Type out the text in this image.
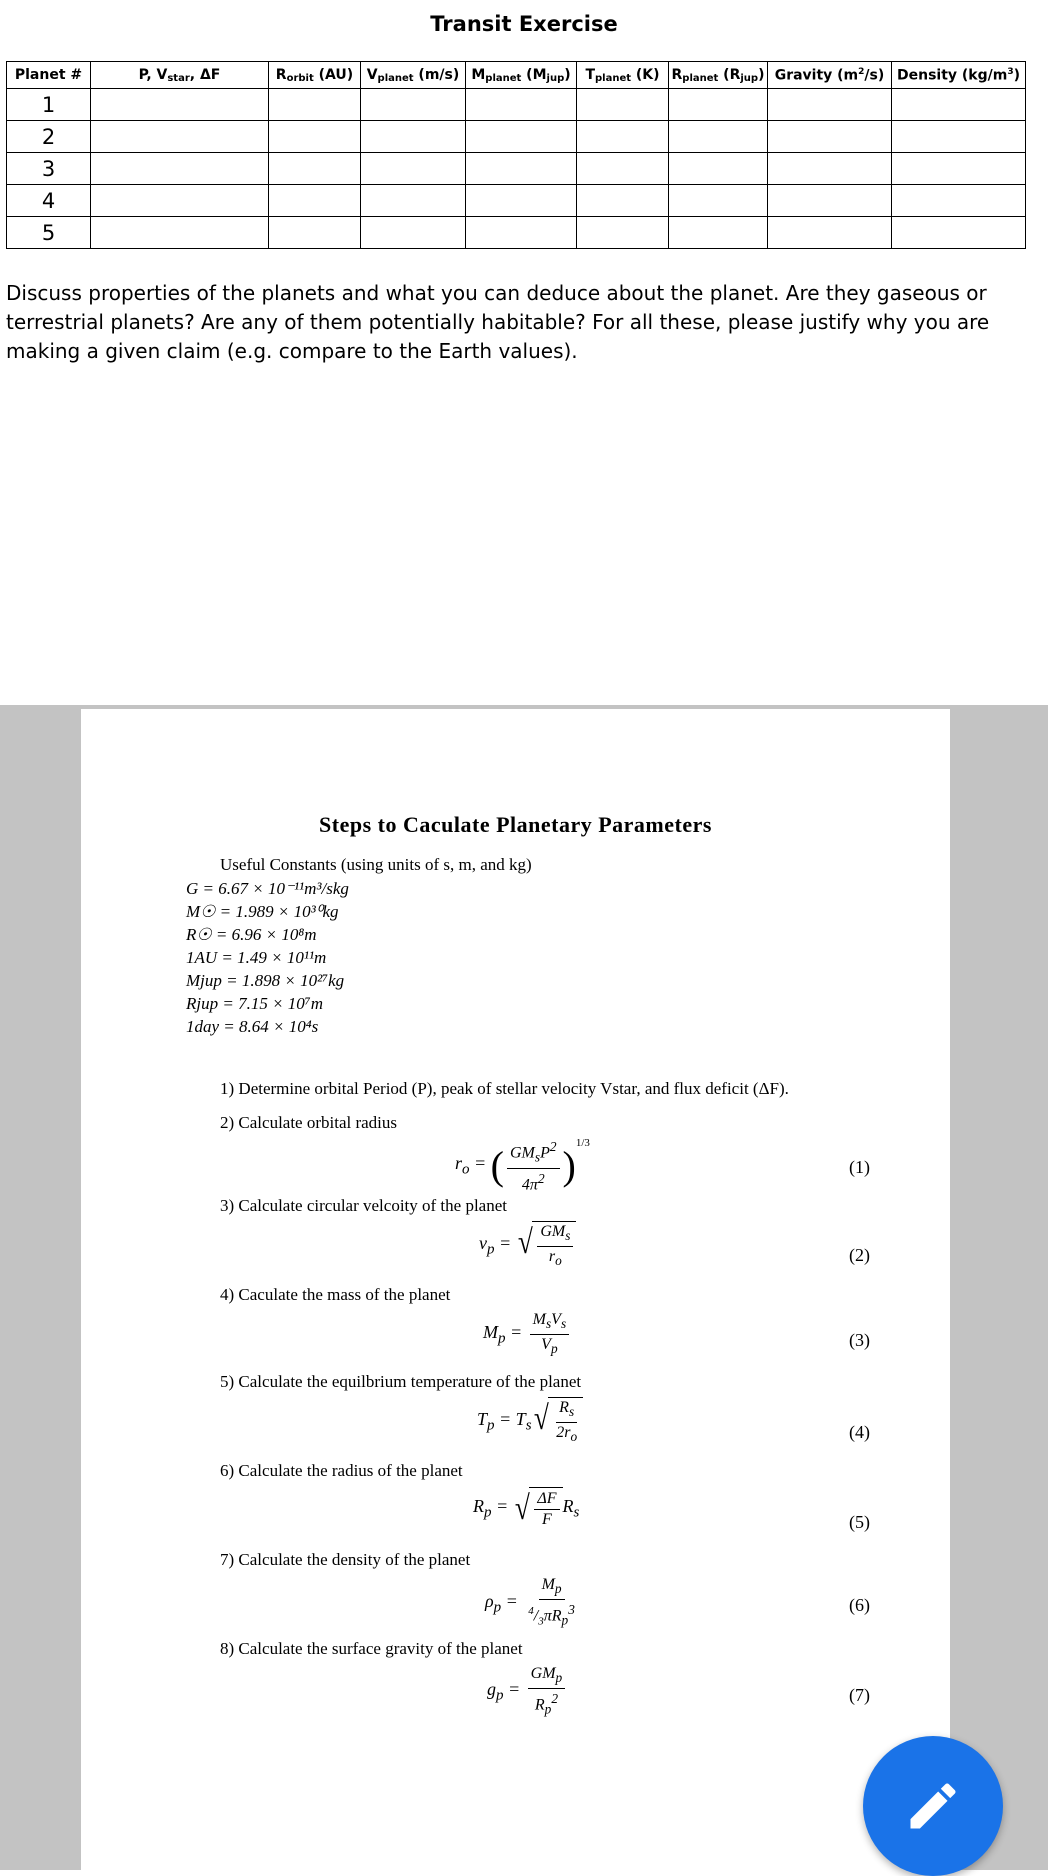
Transit Exercise
Planet #	P, $V_{star}$, ΔF	$R_{orbit}$ (AU)	$V_{planet}$ (m/s)	$M_{planet}$ $(M_{jup})$	$T_{planet}$ (K)	$R_{planet}$ $(R_{jup})$	Gravity $(m^2/s)$	Density $(kg/m^3)$
1								
2								
3								
4								
5								
Discuss properties of the planets and what you can deduce about the planet. Are they gaseous or terrestrial planets? Are any of them potentially habitable? For all these, please justify why you are making a given claim (e.g. compare to the Earth values).
Steps to Caculate Planetary Parameters
Useful Constants (using units of s, m, and kg)
G = 6.67 × 10⁻¹¹m³/skg
M☉ = 1.989 × 10³⁰kg
R☉ = 6.96 × 10⁸m
1AU = 1.49 × 10¹¹m
Mjup = 1.898 × 10²⁷kg
Rjup = 7.15 × 10⁷m
1day = 8.64 × 10⁴s
1) Determine orbital Period (P), peak of stellar velocity Vstar, and flux deficit (ΔF).
2) Calculate orbital radius
$r_o$ = ( $\frac{GM_sP^2}{4\pi^2} )^{1/3}$
(1)
3) Calculate circular velcoity of the planet
$v_p$ = √ $\frac{GM_s}{r_o}$	(2)
4) Caculate the mass of the planet
$M_p = \frac{M_sV_s}{V_p}$	(3)
5) Calculate the equilbrium temperature of the planet
$T_p = T_s$ √ $\frac{R_s}{2r_o}$	(4)
6) Calculate the radius of the planet
$R_p$ = √ $\frac{\Delta F}{F} R_s$	(5)
7) Calculate the density of the planet
$\rho_p = \frac{M_p}{^4/_3\pi R_p^3}$	(6)
8) Calculate the surface gravity of the planet
$g_p = \frac{GM_p}{R_p^2}$	(7)
